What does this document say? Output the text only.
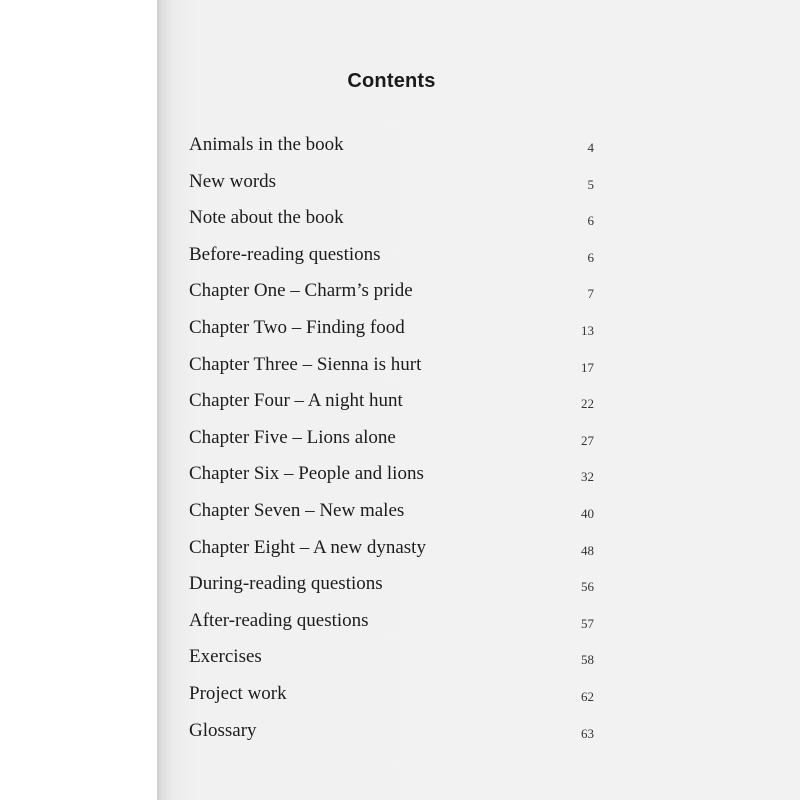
Contents
Animals in the book	4
New words	5
Note about the book	6
Before-reading questions	6
Chapter One – Charm’s pride	7
Chapter Two – Finding food	13
Chapter Three – Sienna is hurt	17
Chapter Four – A night hunt	22
Chapter Five – Lions alone	27
Chapter Six – People and lions	32
Chapter Seven – New males	40
Chapter Eight – A new dynasty	48
During-reading questions	56
After-reading questions	57
Exercises	58
Project work	62
Glossary	63
